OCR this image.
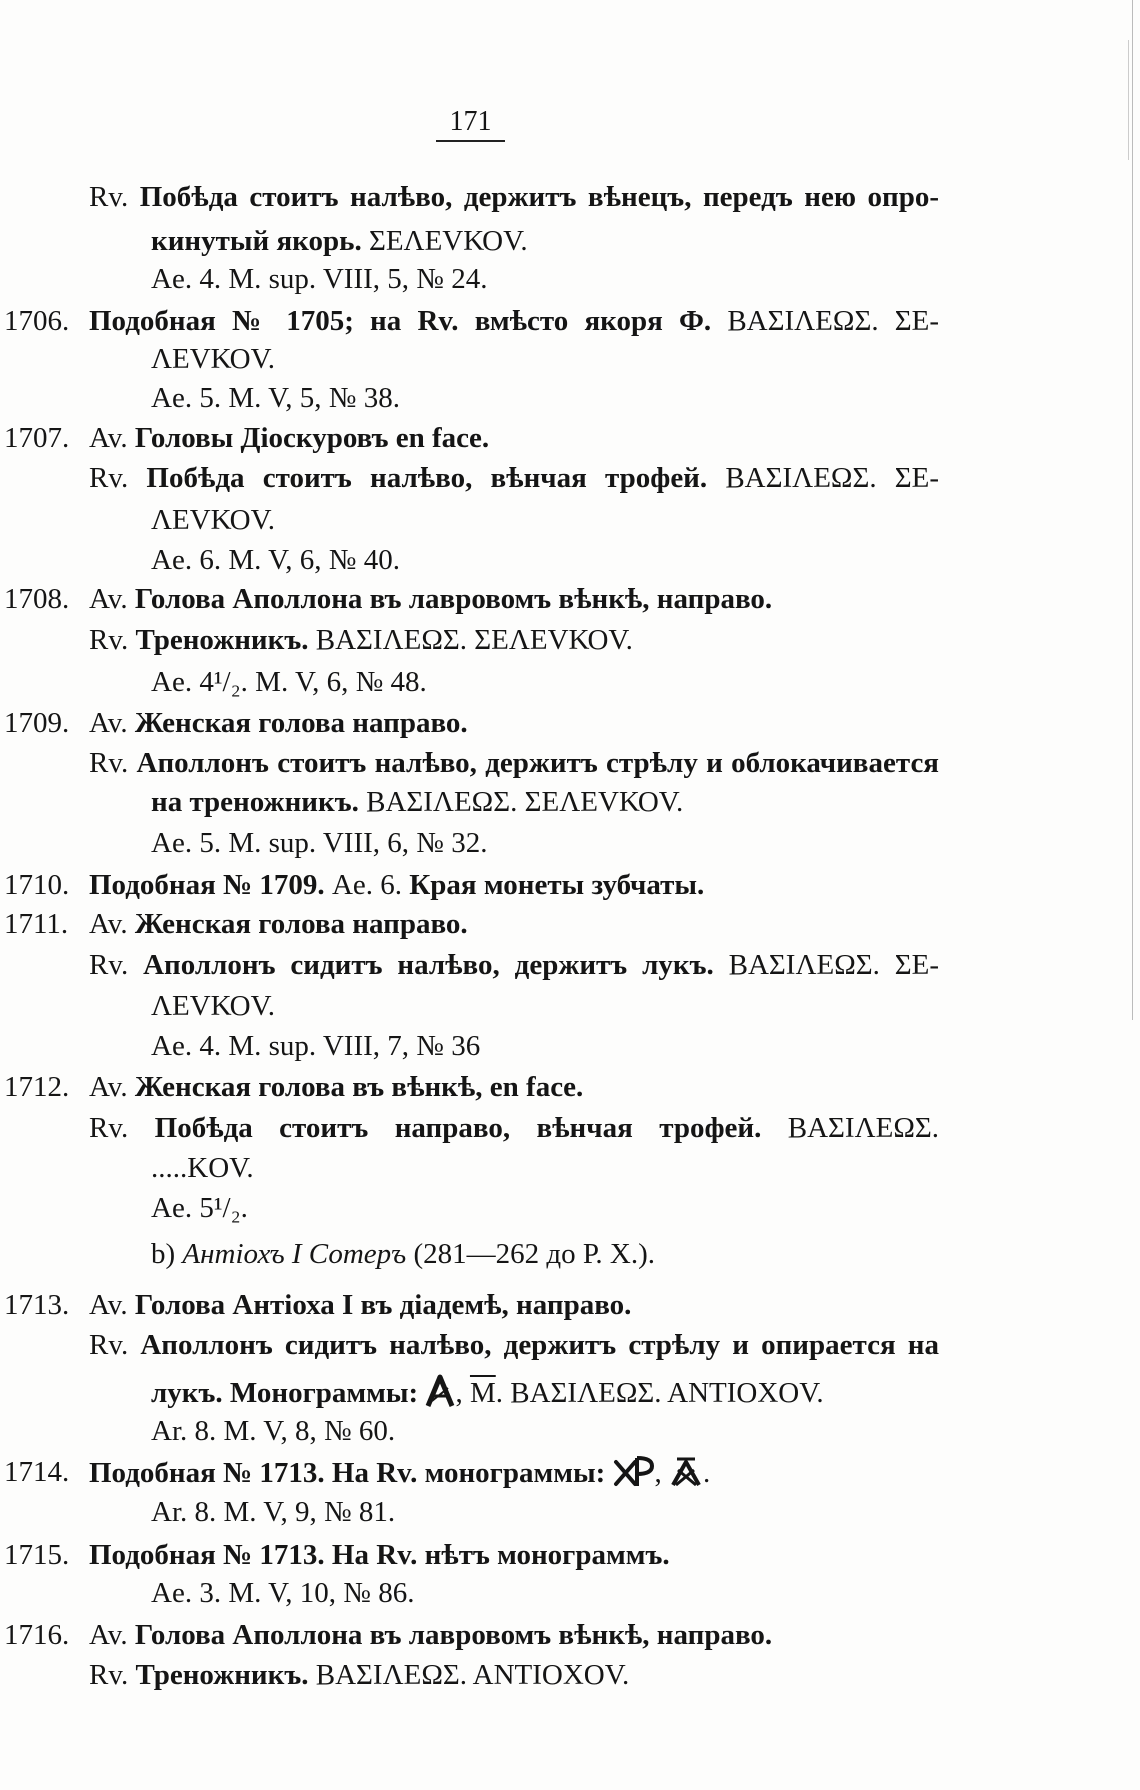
171
Rv. Побѣда стоитъ налѣво, держитъ вѣнецъ, передъ нею опро-
кинутый якорь. ΣΕΛΕVΚΟV.
Ae. 4. M. sup. VIII, 5, № 24.
1706. Подобная № 1705; на Rv. вмѣсто якоря Ф. ΒΑΣΙΛΕΩΣ. ΣΕ-
ΛΕVΚΟV.
Ae. 5. M. V, 5, № 38.
1707. Av. Головы Діоскуровъ en face.
Rv. Побѣда стоитъ налѣво, вѣнчая трофей. ΒΑΣΙΛΕΩΣ. ΣΕ-
ΛΕVΚΟV.
Ae. 6. M. V, 6, № 40.
1708. Av. Голова Аполлона въ лавровомъ вѣнкѣ, направо.
Rv. Треножникъ. ΒΑΣΙΛΕΩΣ. ΣΕΛΕVΚΟV.
Ae. 4¹/₂. M. V, 6, № 48.
1709. Av. Женская голова направо.
Rv. Аполлонъ стоитъ налѣво, держитъ стрѣлу и облокачивается
на треножникъ. ΒΑΣΙΛΕΩΣ. ΣΕΛΕVΚΟV.
Ae. 5. M. sup. VIII, 6, № 32.
1710. Подобная № 1709. Ae. 6. Края монеты зубчаты.
1711. Av. Женская голова направо.
Rv. Аполлонъ сидитъ налѣво, держитъ лукъ. ΒΑΣΙΛΕΩΣ. ΣΕ-
ΛΕVΚΟV.
Ae. 4. M. sup. VIII, 7, № 36
1712. Av. Женская голова въ вѣнкѣ, en face.
Rv. Побѣда стоитъ направо, вѣнчая трофей. ΒΑΣΙΛΕΩΣ.
.....KOV.
Ae. 5¹/₂.
b) Антіохъ I Сотеръ (281—262 до Р. Х.).
1713. Av. Голова Антіоха I въ діадемѣ, направо.
Rv. Аполлонъ сидитъ налѣво, держитъ стрѣлу и опирается на
лукъ. Монограммы: , $\overline{M}$. ΒΑΣΙΛΕΩΣ. ΑΝΤΙΟΧΟV.
Ar. 8. M. V, 8, № 60.
1714. Подобная № 1713. На Rv. монограммы: , .
Ar. 8. M. V, 9, № 81.
1715. Подобная № 1713. На Rv. нѣтъ монограммъ.
Ae. 3. M. V, 10, № 86.
1716. Av. Голова Аполлона въ лавровомъ вѣнкѣ, направо.
Rv. Треножникъ. ΒΑΣΙΛΕΩΣ. ΑΝΤΙΟΧΟV.
